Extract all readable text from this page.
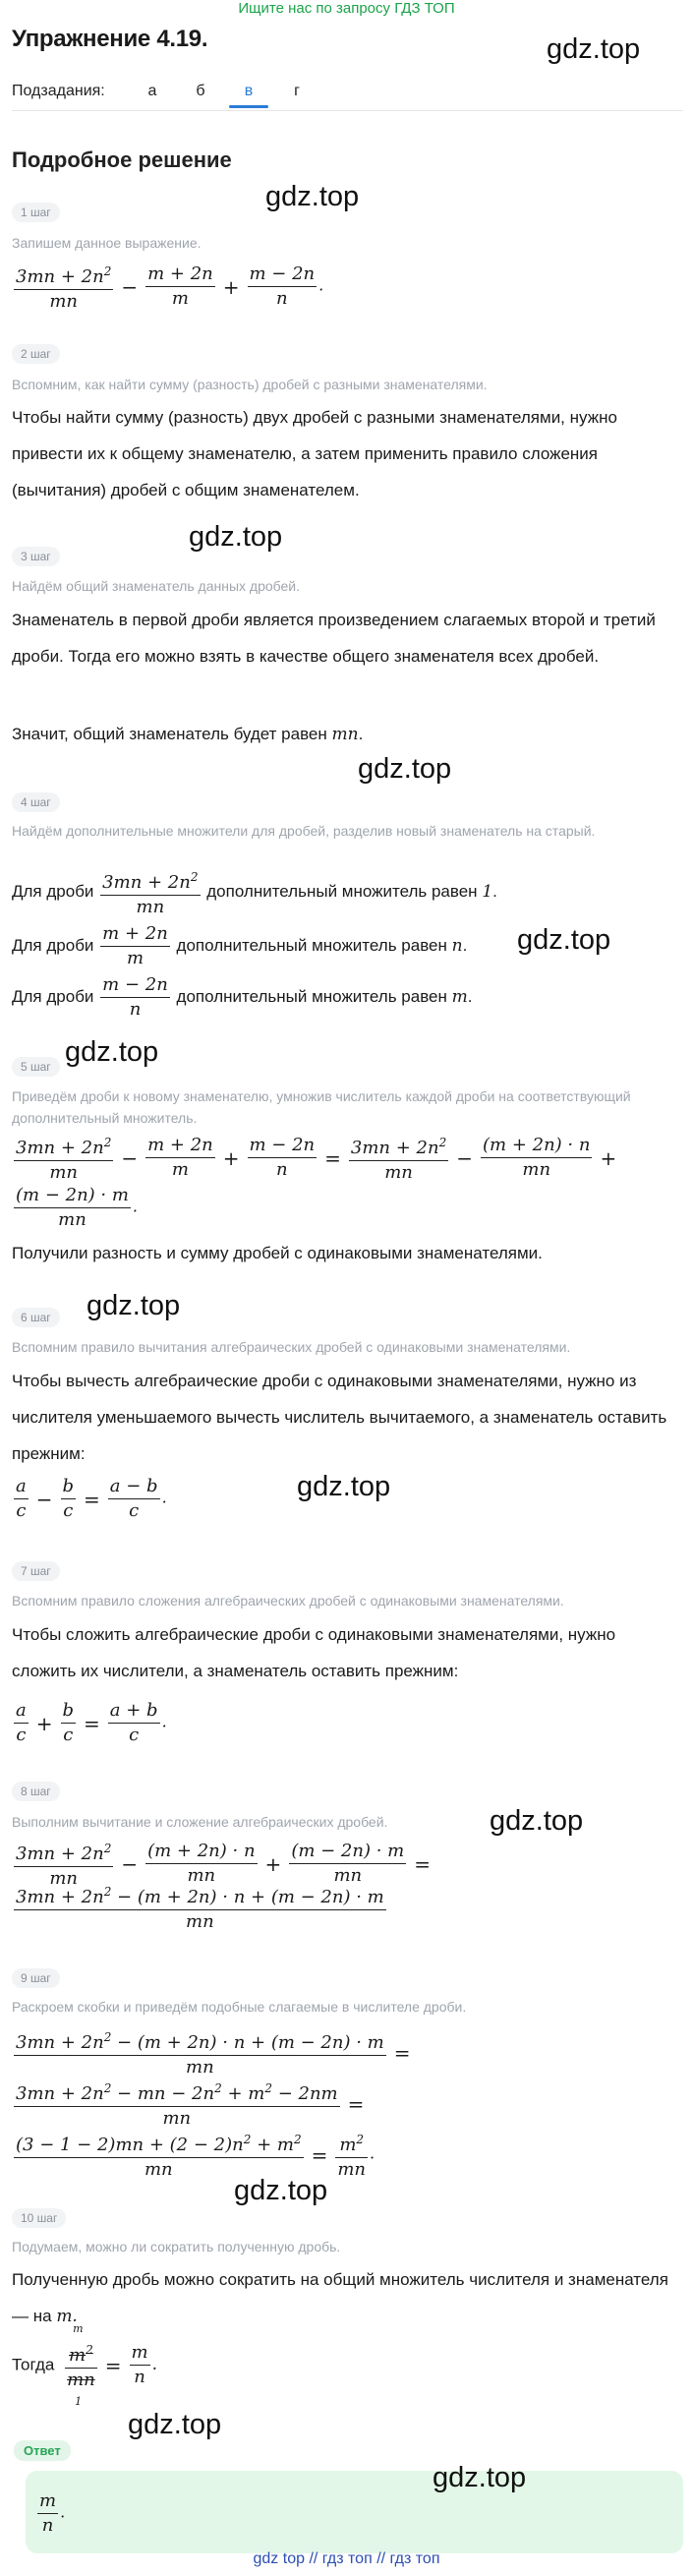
Ищите нас по запросу ГДЗ ТОП
Упражнение 4.19.	gdz.top
Подзадания:	а	б	в	г
Подробное решение
gdz.top
1 шаг
Запишем данное выражение.
$\frac{3mn + 2n^2}{mn} - \frac{m + 2n}{m} + \frac{m - 2n}{n}$ .
2 шаг
Вспомним, как найти сумму (разность) дробей с разными знаменателями.
Чтобы найти сумму (разность) двух дробей с разными знаменателями, нужно привести их к общему знаменателю, а затем применить правило сложения (вычитания) дробей с общим знаменателем.
gdz.top
3 шаг
Найдём общий знаменатель данных дробей.
Знаменатель в первой дроби является произведением слагаемых второй и третий дроби. Тогда его можно взять в качестве общего знаменателя всех дробей.
Значит, общий знаменатель будет равен mn.
gdz.top
4 шаг
Найдём дополнительные множители для дробей, разделив новый знаменатель на старый.
Для дроби $\frac{3mn + 2n^2}{mn}$ дополнительный множитель равен 1.
Для дроби $\frac{m + 2n}{m}$ дополнительный множитель равен n. gdz.top
Для дроби $\frac{m - 2n}{n}$ дополнительный множитель равен m.
5 шаг gdz.top
Приведём дроби к новому знаменателю, умножив числитель каждой дроби на соответствующий дополнительный множитель.
$\frac{3mn + 2n^2}{mn} - \frac{m + 2n}{m} + \frac{m - 2n}{n} = \frac{3mn + 2n^2}{mn} - \frac{(m + 2n) \cdot n}{mn}$ +
$\frac{(m - 2n) \cdot m}{mn}$ .
Получили разность и сумму дробей с одинаковыми знаменателями.
gdz.top
6 шаг
Вспомним правило вычитания алгебраических дробей с одинаковыми знаменателями.
Чтобы вычесть алгебраические дроби с одинаковыми знаменателями, нужно из числителя уменьшаемого вычесть числитель вычитаемого, а знаменатель оставить прежним:
$\frac{a}{c} - \frac{b}{c} = \frac{a - b}{c}$ .	gdz.top
7 шаг
Вспомним правило сложения алгебраических дробей с одинаковыми знаменателями.
Чтобы сложить алгебраические дроби с одинаковыми знаменателями, нужно сложить их числители, а знаменатель оставить прежним:
$\frac{a}{c} + \frac{b}{c} = \frac{a + b}{c}$ .
8 шаг
gdz.top
Выполним вычитание и сложение алгебраических дробей.
$\frac{3mn + 2n^2}{mn} - \frac{(m + 2n) \cdot n}{mn} + \frac{(m - 2n) \cdot m}{mn}$ =
$\frac{3mn + 2n^2 - (m + 2n) \cdot n + (m - 2n) \cdot m}{mn}$
9 шаг
Раскроем скобки и приведём подобные слагаемые в числителе дроби.
$\frac{3mn + 2n^2 - (m + 2n) \cdot n + (m - 2n) \cdot m}{mn}$ =
$\frac{3mn + 2n^2 - mn - 2n^2 + m^2 - 2nm}{mn}$ =
$\frac{(3 - 1 - 2)mn + (2 - 2)n^2 + m^2}{mn} = \frac{m^2}{mn}$ .
gdz.top
10 шаг
Подумаем, можно ли сократить полученную дробь.
Полученную дробь можно сократить на общий множитель числителя и знаменателя — на m.
Тогда
m
$\frac{m^2}{mn}$
1
= $\frac{m}{n}$ .
gdz.top
Ответ
gdz.top
$\frac{m}{n}$ .
gdz top // гдз топ // гдз топ
